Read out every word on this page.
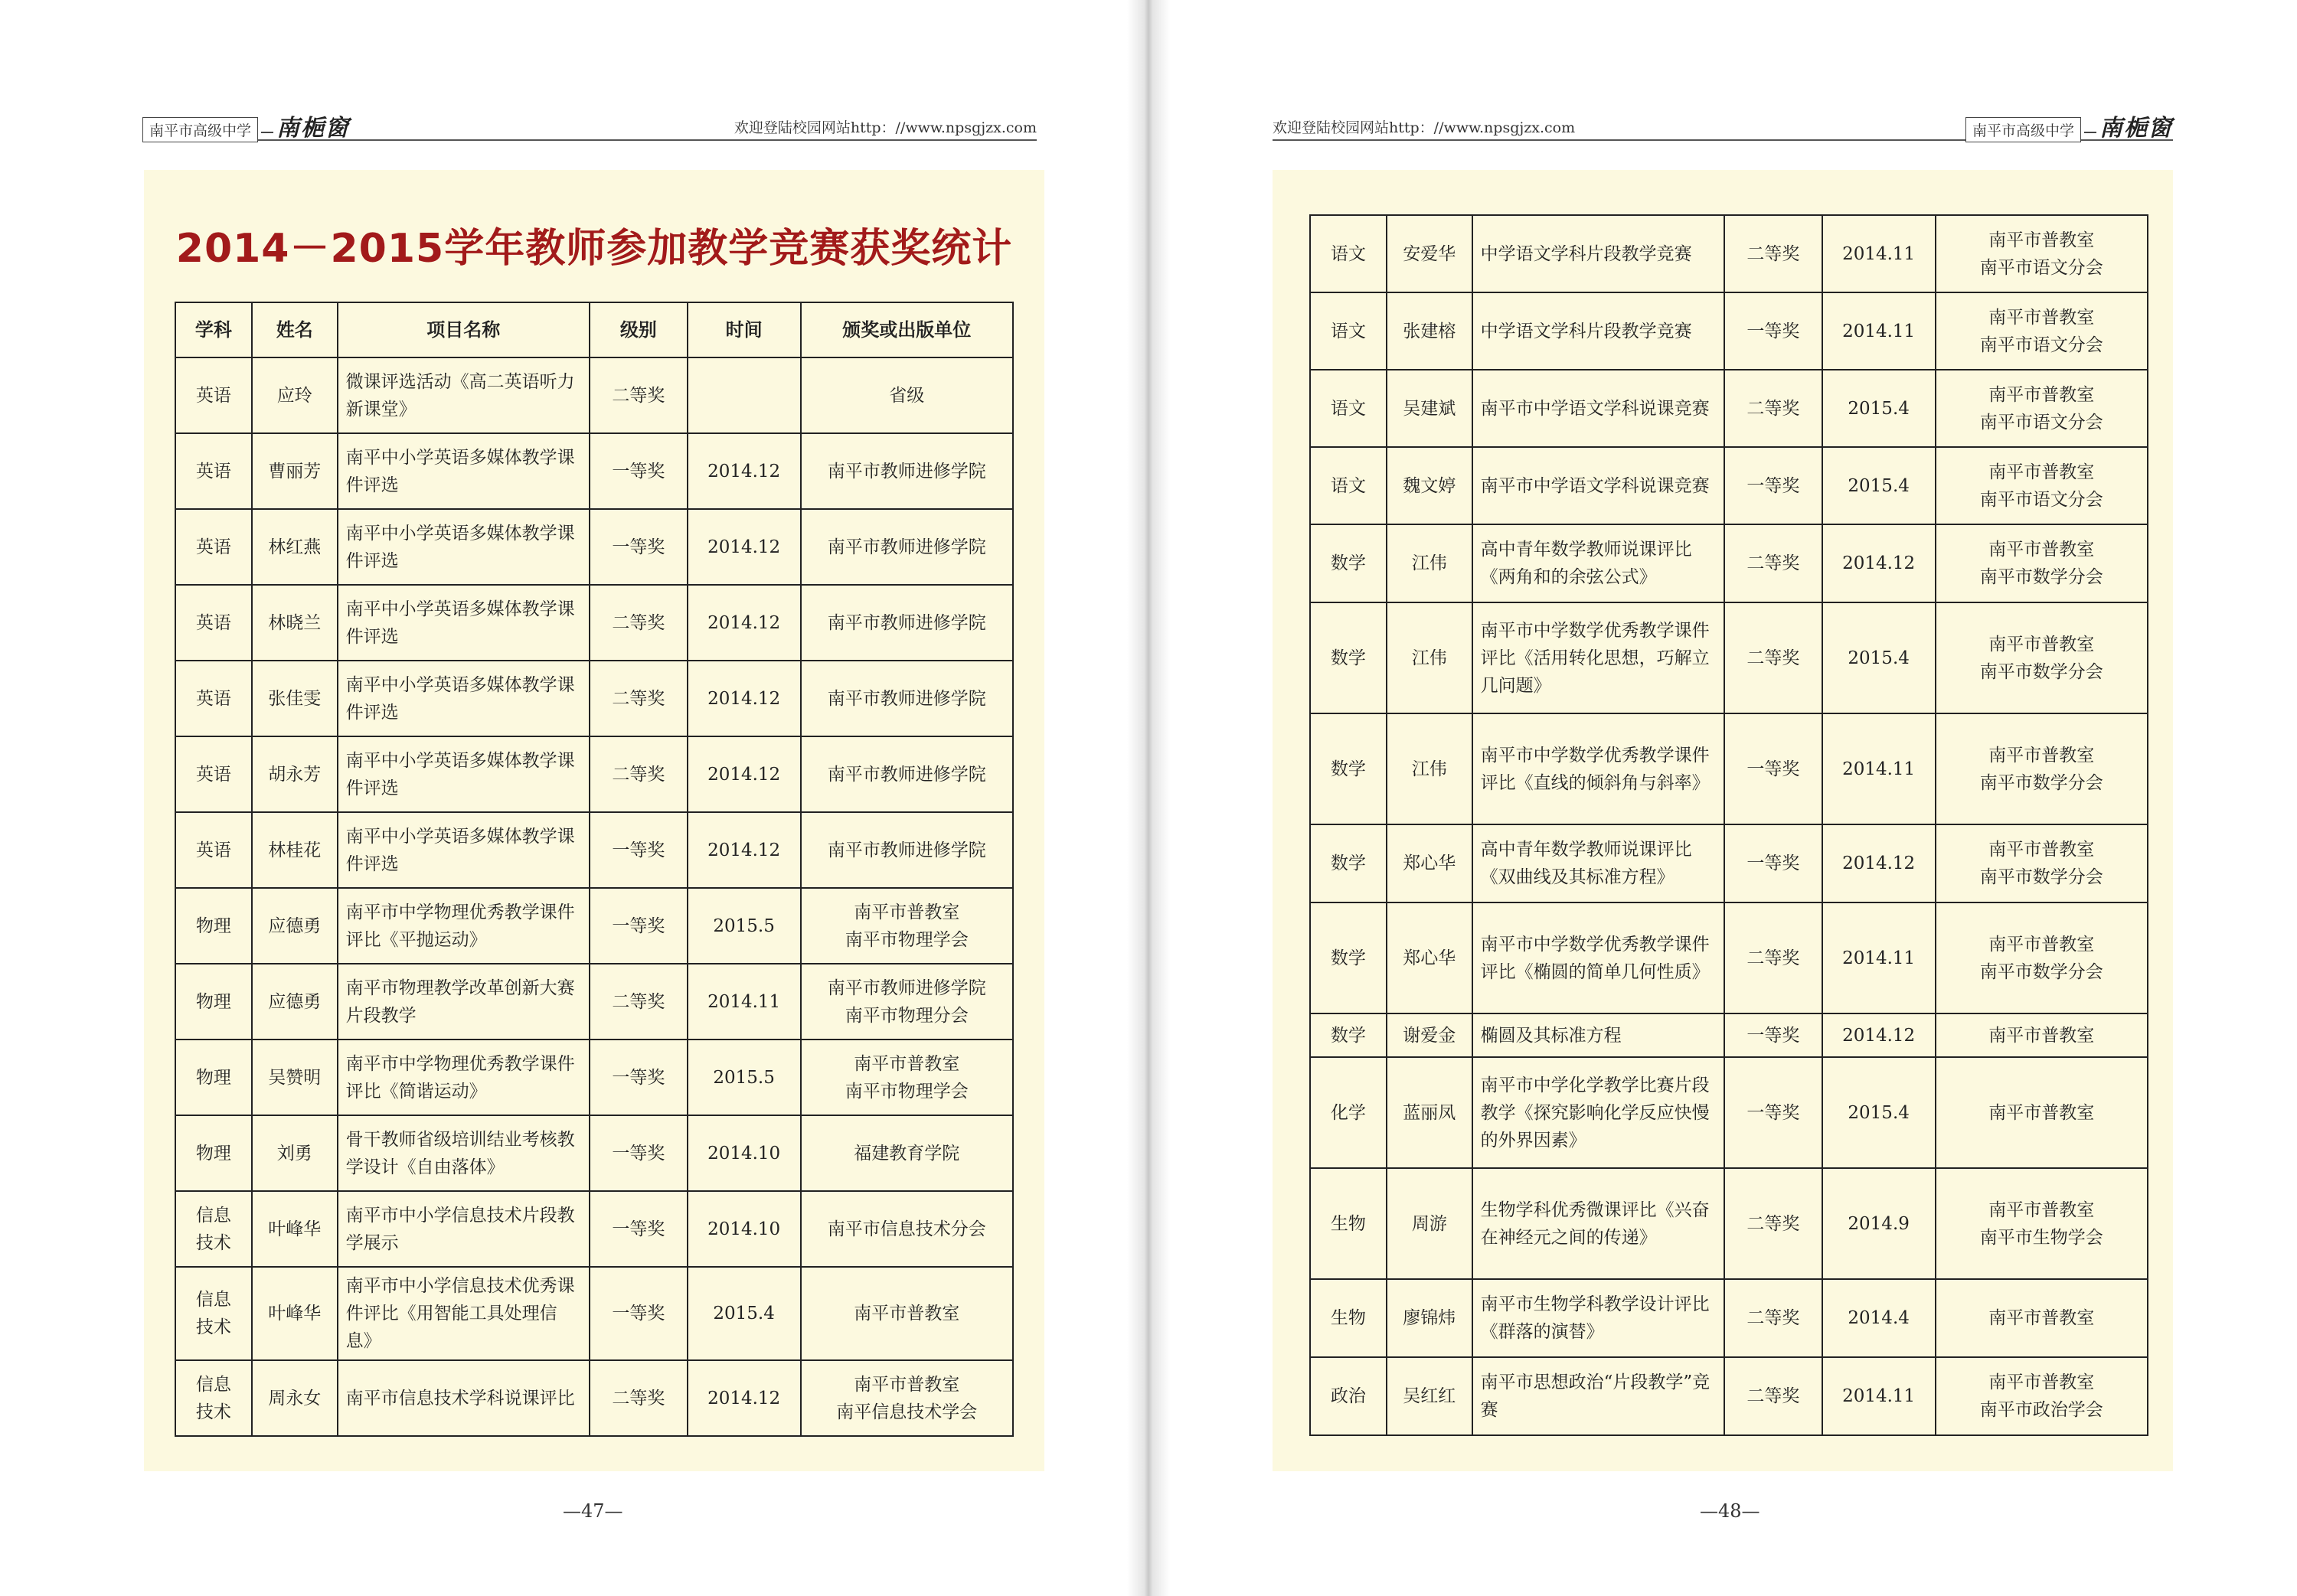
南平市高级中学	南梔窗	欢迎登陆校园网站http：//www.npsgjzx.com
2014－2015学年教师参加教学竞赛获奖统计
学科	姓名	项目名称	级别	时间	颁奖或出版单位
英语	应玲	微课评选活动《高二英语听力新课堂》	二等奖		省级
英语	曹丽芳	南平中小学英语多媒体教学课件评选	一等奖	2014.12	南平市教师进修学院
英语	林红燕	南平中小学英语多媒体教学课件评选	一等奖	2014.12	南平市教师进修学院
英语	林晓兰	南平中小学英语多媒体教学课件评选	二等奖	2014.12	南平市教师进修学院
英语	张佳雯	南平中小学英语多媒体教学课件评选	二等奖	2014.12	南平市教师进修学院
英语	胡永芳	南平中小学英语多媒体教学课件评选	二等奖	2014.12	南平市教师进修学院
英语	林桂花	南平中小学英语多媒体教学课件评选	一等奖	2014.12	南平市教师进修学院
物理	应德勇	南平市中学物理优秀教学课件评比《平抛运动》	一等奖	2015.5	南平市普教室
南平市物理学会
物理	应德勇	南平市物理教学改革创新大赛片段教学	二等奖	2014.11	南平市教师进修学院
南平市物理分会
物理	吴赞明	南平市中学物理优秀教学课件评比《简谐运动》	一等奖	2015.5	南平市普教室
南平市物理学会
物理	刘勇	骨干教师省级培训结业考核教学设计《自由落体》	一等奖	2014.10	福建教育学院
信息
技术	叶峰华	南平市中小学信息技术片段教学展示	一等奖	2014.10	南平市信息技术分会
信息
技术	叶峰华	南平市中小学信息技术优秀课件评比《用智能工具处理信息》	一等奖	2015.4	南平市普教室
信息
技术	周永女	南平市信息技术学科说课评比	二等奖	2014.12	南平市普教室
南平信息技术学会
—47—
欢迎登陆校园网站http：//www.npsgjzx.com	南平市高级中学	南梔窗
语文	安爱华	中学语文学科片段教学竞赛	二等奖	2014.11	南平市普教室
南平市语文分会
语文	张建榕	中学语文学科片段教学竞赛	一等奖	2014.11	南平市普教室
南平市语文分会
语文	吴建斌	南平市中学语文学科说课竞赛	二等奖	2015.4	南平市普教室
南平市语文分会
语文	魏文婷	南平市中学语文学科说课竞赛	一等奖	2015.4	南平市普教室
南平市语文分会
数学	江伟	高中青年数学教师说课评比《两角和的余弦公式》	二等奖	2014.12	南平市普教室
南平市数学分会
数学	江伟	南平市中学数学优秀教学课件评比《活用转化思想，巧解立几问题》	二等奖	2015.4	南平市普教室
南平市数学分会
数学	江伟	南平市中学数学优秀教学课件评比《直线的倾斜角与斜率》	一等奖	2014.11	南平市普教室
南平市数学分会
数学	郑心华	高中青年数学教师说课评比《双曲线及其标准方程》	一等奖	2014.12	南平市普教室
南平市数学分会
数学	郑心华	南平市中学数学优秀教学课件评比《椭圆的简单几何性质》	二等奖	2014.11	南平市普教室
南平市数学分会
数学	谢爱金	椭圆及其标准方程	一等奖	2014.12	南平市普教室
化学	蓝丽凤	南平市中学化学教学比赛片段教学《探究影响化学反应快慢的外界因素》	一等奖	2015.4	南平市普教室
生物	周游	生物学科优秀微课评比《兴奋在神经元之间的传递》	二等奖	2014.9	南平市普教室
南平市生物学会
生物	廖锦炜	南平市生物学科教学设计评比《群落的演替》	二等奖	2014.4	南平市普教室
政治	吴红红	南平市思想政治“片段教学”竞赛	二等奖	2014.11	南平市普教室
南平市政治学会
—48—
